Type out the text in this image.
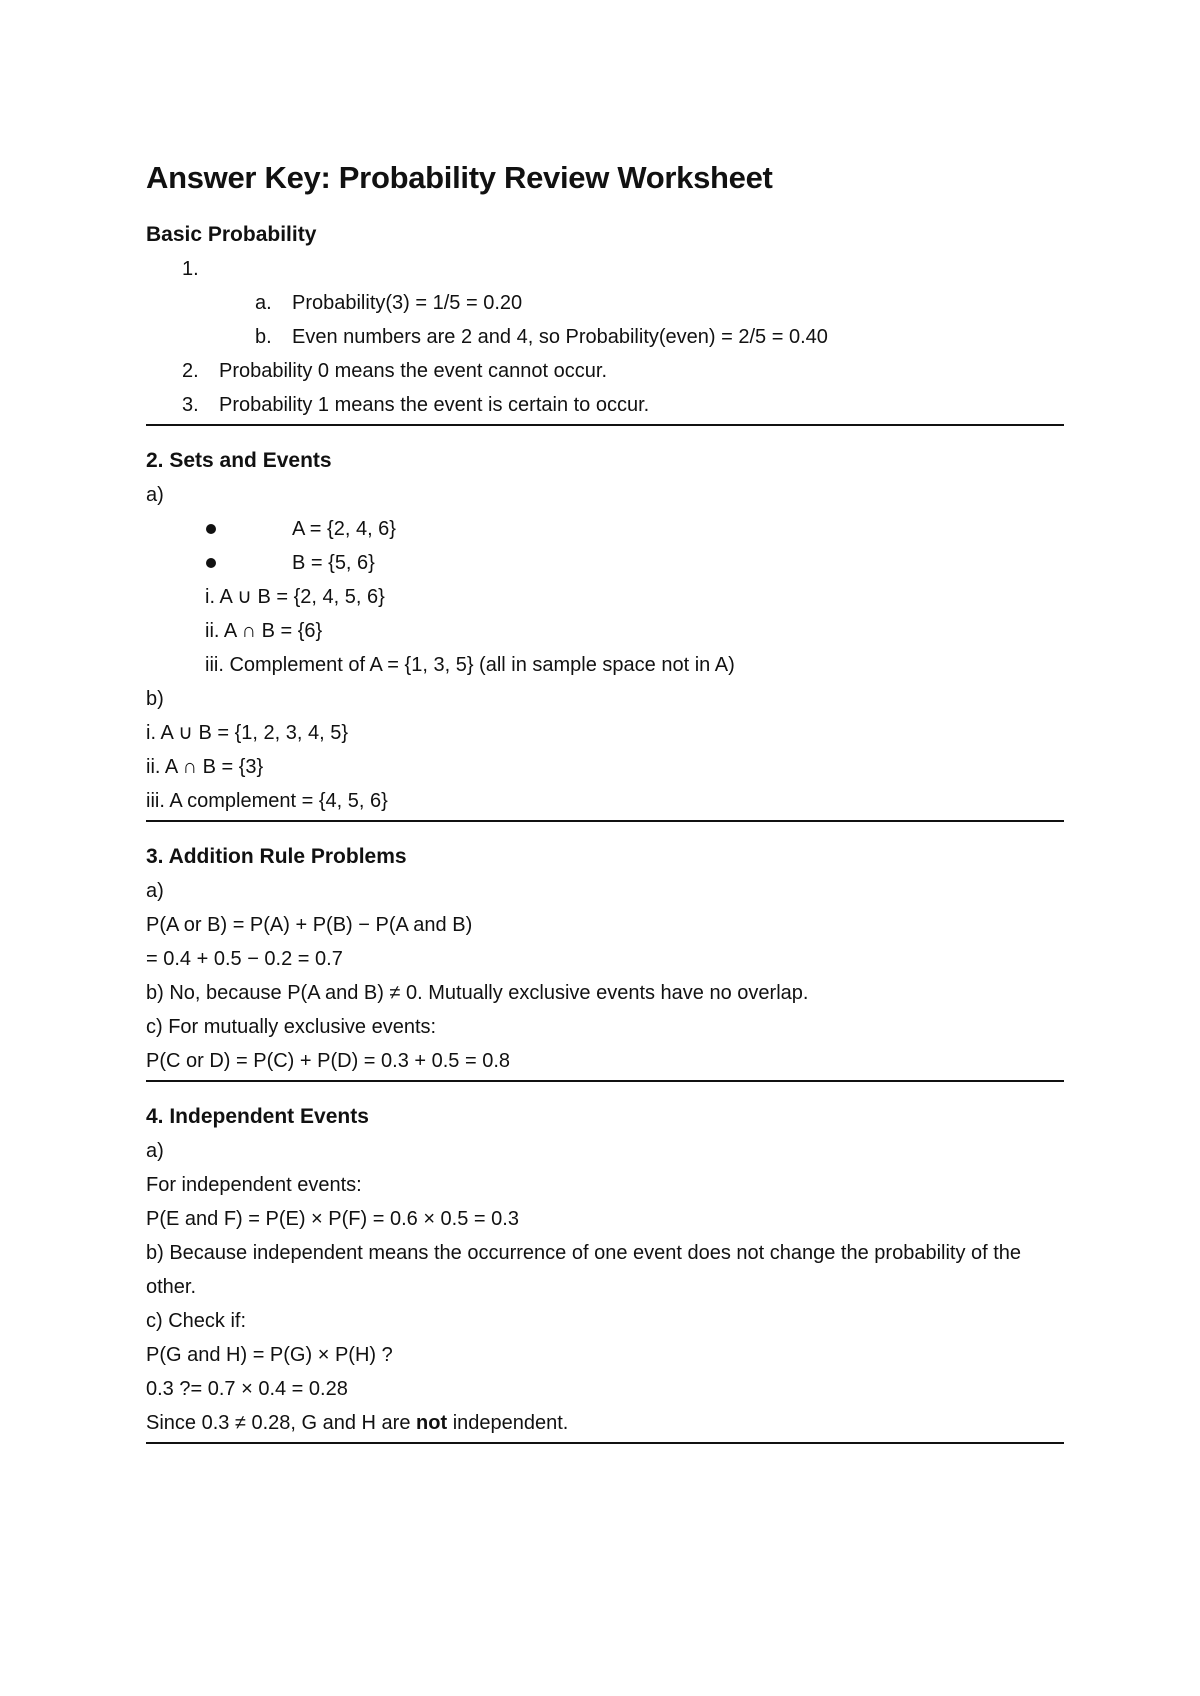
Answer Key: Probability Review Worksheet
Basic Probability
1.
a. Probability(3) = 1/5 = 0.20
b. Even numbers are 2 and 4, so Probability(even) = 2/5 = 0.40
2. Probability 0 means the event cannot occur.
3. Probability 1 means the event is certain to occur.
2. Sets and Events
a)
A = {2, 4, 6}
B = {5, 6}
i. A ∪ B = {2, 4, 5, 6}
ii. A ∩ B = {6}
iii. Complement of A = {1, 3, 5} (all in sample space not in A)
b)
i. A ∪ B = {1, 2, 3, 4, 5}
ii. A ∩ B = {3}
iii. A complement = {4, 5, 6}
3. Addition Rule Problems
a)
P(A or B) = P(A) + P(B) − P(A and B)
= 0.4 + 0.5 − 0.2 = 0.7
b) No, because P(A and B) ≠ 0. Mutually exclusive events have no overlap.
c) For mutually exclusive events:
P(C or D) = P(C) + P(D) = 0.3 + 0.5 = 0.8
4. Independent Events
a)
For independent events:
P(E and F) = P(E) × P(F) = 0.6 × 0.5 = 0.3
b) Because independent means the occurrence of one event does not change the probability of the other.
c) Check if:
P(G and H) = P(G) × P(H) ?
0.3 ?= 0.7 × 0.4 = 0.28
Since 0.3 ≠ 0.28, G and H are not independent.
